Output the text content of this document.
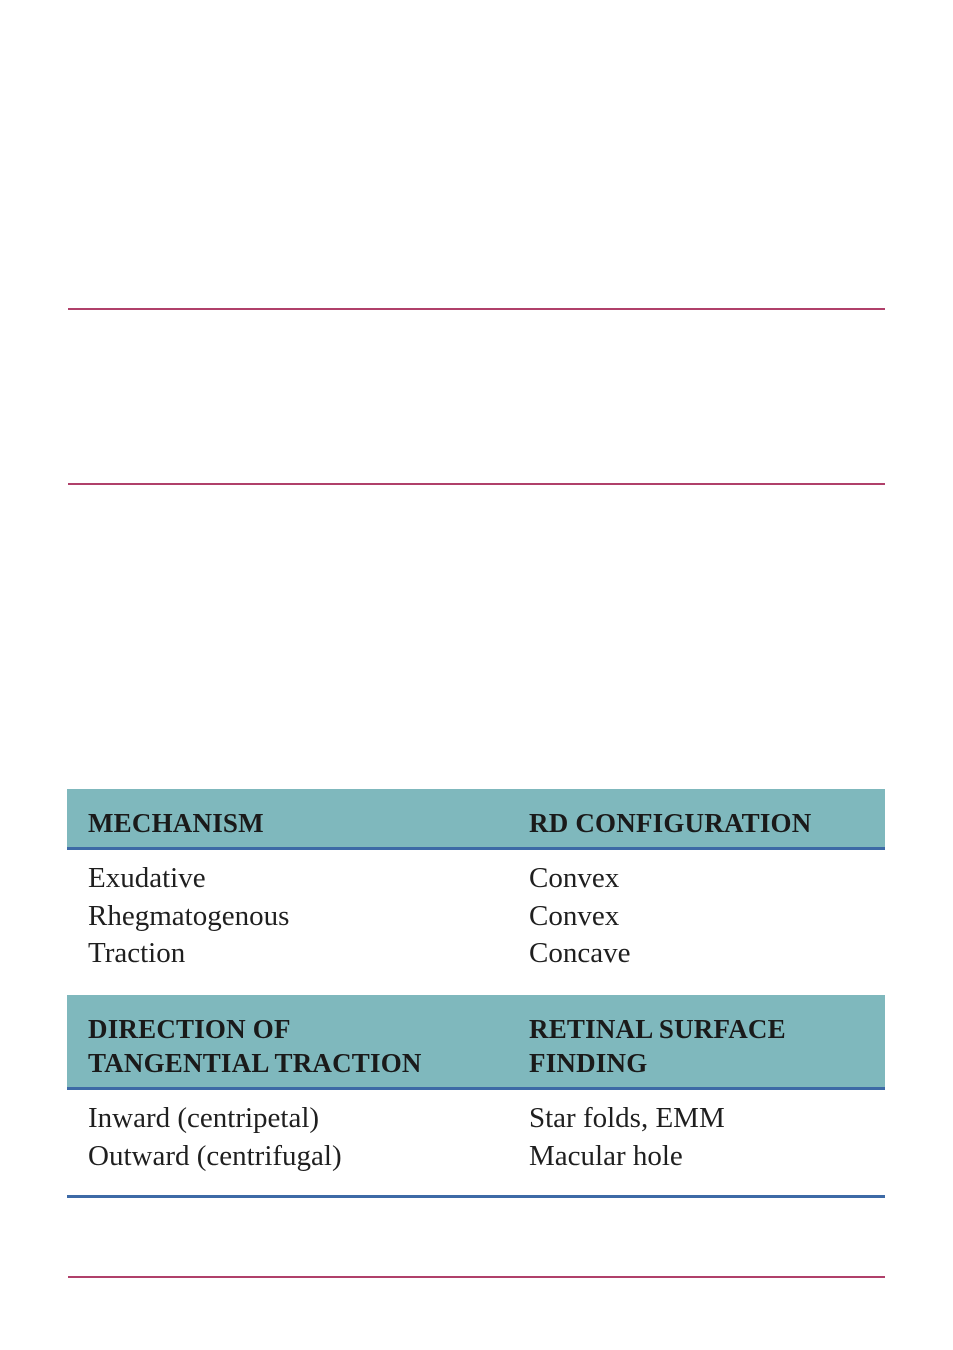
MECHANISM	RD CONFIGURATION
Exudative
Rhegmatogenous
Traction
Convex
Convex
Concave
DIRECTION OF
TANGENTIAL TRACTION
RETINAL SURFACE
FINDING
Inward (centripetal)
Outward (centrifugal)
Star folds, EMM
Macular hole
